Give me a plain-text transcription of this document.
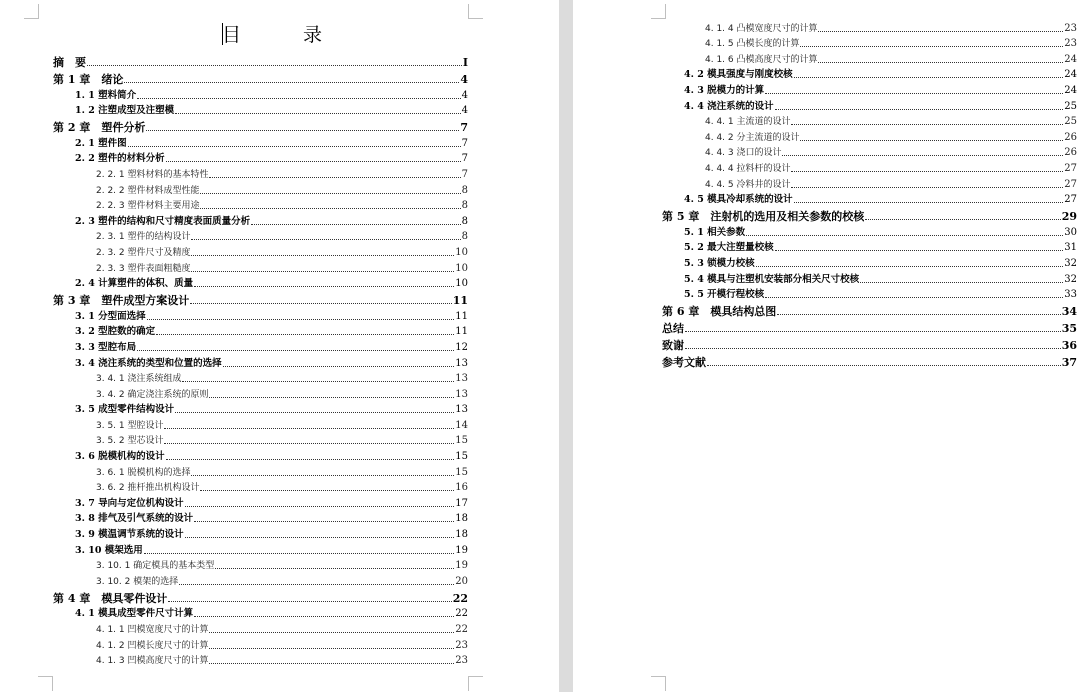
目 录
摘　要	I
第 1 章　绪论	4
1. 1 塑料简介	4
1. 2 注塑成型及注塑模	4
第 2 章　塑件分析	7
2. 1 塑件图	7
2. 2 塑件的材料分析	7
2. 2. 1 塑料材料的基本特性	7
2. 2. 2 塑件材料成型性能	8
2. 2. 3 塑件材料主要用途	8
2. 3 塑件的结构和尺寸精度表面质量分析	8
2. 3. 1 塑件的结构设计	8
2. 3. 2 塑件尺寸及精度	10
2. 3. 3 塑件表面粗糙度	10
2. 4 计算塑件的体积、质量	10
第 3 章　塑件成型方案设计	11
3. 1 分型面选择	11
3. 2 型腔数的确定	11
3. 3 型腔布局	12
3. 4 浇注系统的类型和位置的选择	13
3. 4. 1 浇注系统组成	13
3. 4. 2 确定浇注系统的原则	13
3. 5 成型零件结构设计	13
3. 5. 1 型腔设计	14
3. 5. 2 型芯设计	15
3. 6 脱模机构的设计	15
3. 6. 1 脱模机构的选择	15
3. 6. 2 推杆推出机构设计	16
3. 7 导向与定位机构设计	17
3. 8 排气及引气系统的设计	18
3. 9 模温调节系统的设计	18
3. 10 模架选用	19
3. 10. 1 确定模具的基本类型	19
3. 10. 2 模架的选择	20
第 4 章　模具零件设计	22
4. 1 模具成型零件尺寸计算	22
4. 1. 1 凹模宽度尺寸的计算	22
4. 1. 2 凹模长度尺寸的计算	23
4. 1. 3 凹模高度尺寸的计算	23
4. 1. 4 凸模宽度尺寸的计算	23
4. 1. 5 凸模长度的计算	23
4. 1. 6 凸模高度尺寸的计算	24
4. 2 模具强度与刚度校核	24
4. 3 脱模力的计算	24
4. 4 浇注系统的设计	25
4. 4. 1 主流道的设计	25
4. 4. 2 分主流道的设计	26
4. 4. 3 浇口的设计	26
4. 4. 4 拉料杆的设计	27
4. 4. 5 冷料井的设计	27
4. 5 模具冷却系统的设计	27
第 5 章　注射机的选用及相关参数的校核	29
5. 1 相关参数	30
5. 2 最大注塑量校核	31
5. 3 锁模力校核	32
5. 4 模具与注塑机安装部分相关尺寸校核	32
5. 5 开模行程校核	33
第 6 章　模具结构总图	34
总结	35
致谢	36
参考文献	37
